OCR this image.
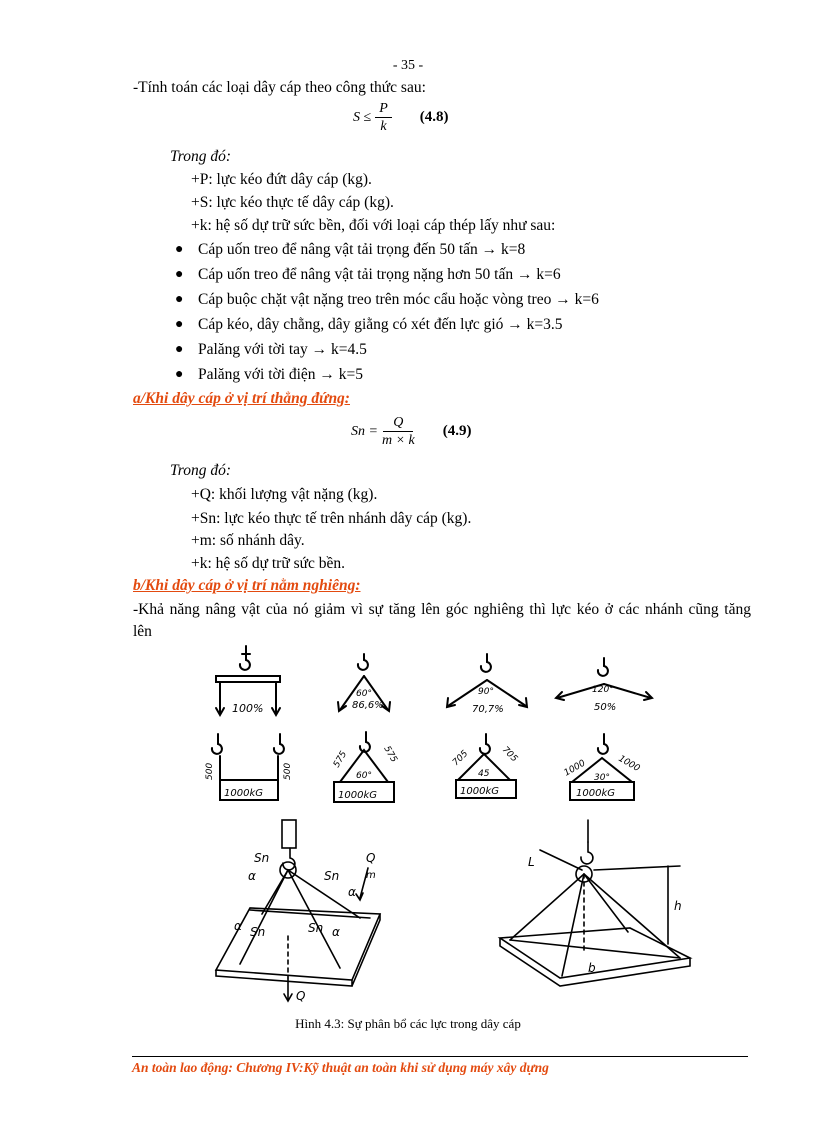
- 35 -
-Tính toán các loại dây cáp theo công thức sau:
$S \le \frac{P}{k} (4.8)$
Trong đó:
+P: lực kéo đứt dây cáp (kg).
+S: lực kéo thực tế dây cáp (kg).
+k: hệ số dự trữ sức bền, đối với loại cáp thép lấy như sau:
● Cáp uốn treo để nâng vật tải trọng đến 50 tấn → k=8
● Cáp uốn treo để nâng vật tải trọng nặng hơn 50 tấn → k=6
● Cáp buộc chặt vật nặng treo trên móc cẩu hoặc vòng treo → k=6
● Cáp kéo, dây chằng, dây giằng có xét đến lực gió → k=3.5
● Palăng với tời tay → k=4.5
● Palăng với tời điện → k=5
a/Khi dây cáp ở vị trí thẳng đứng:
$Sn = \frac{Q}{m \times k} (4.9)$
Trong đó:
+Q: khối lượng vật nặng (kg).
+Sn: lực kéo thực tế trên nhánh dây cáp (kg).
+m: số nhánh dây.
+k: hệ số dự trữ sức bền.
b/Khi dây cáp ở vị trí nằm nghiêng:
-Khả năng nâng vật của nó giảm vì sự tăng lên góc nghiêng thì lực kéo ở các nhánh cũng tăng
lên
100%
60°
86,6%
90°
70,7%
120°
50%
1000kG	1000kG	1000kG	1000kG
500	500
575	575
60°
705	705
45	1000	1000
30°
Sn
Sn
Sn	Sn
α
α
α	α
Q
m
Q
L
h
b
Hình 4.3: Sự phân bổ các lực trong dây cáp
An toàn lao động: Chương IV:Kỹ thuật an toàn khi sử dụng máy xây dựng
